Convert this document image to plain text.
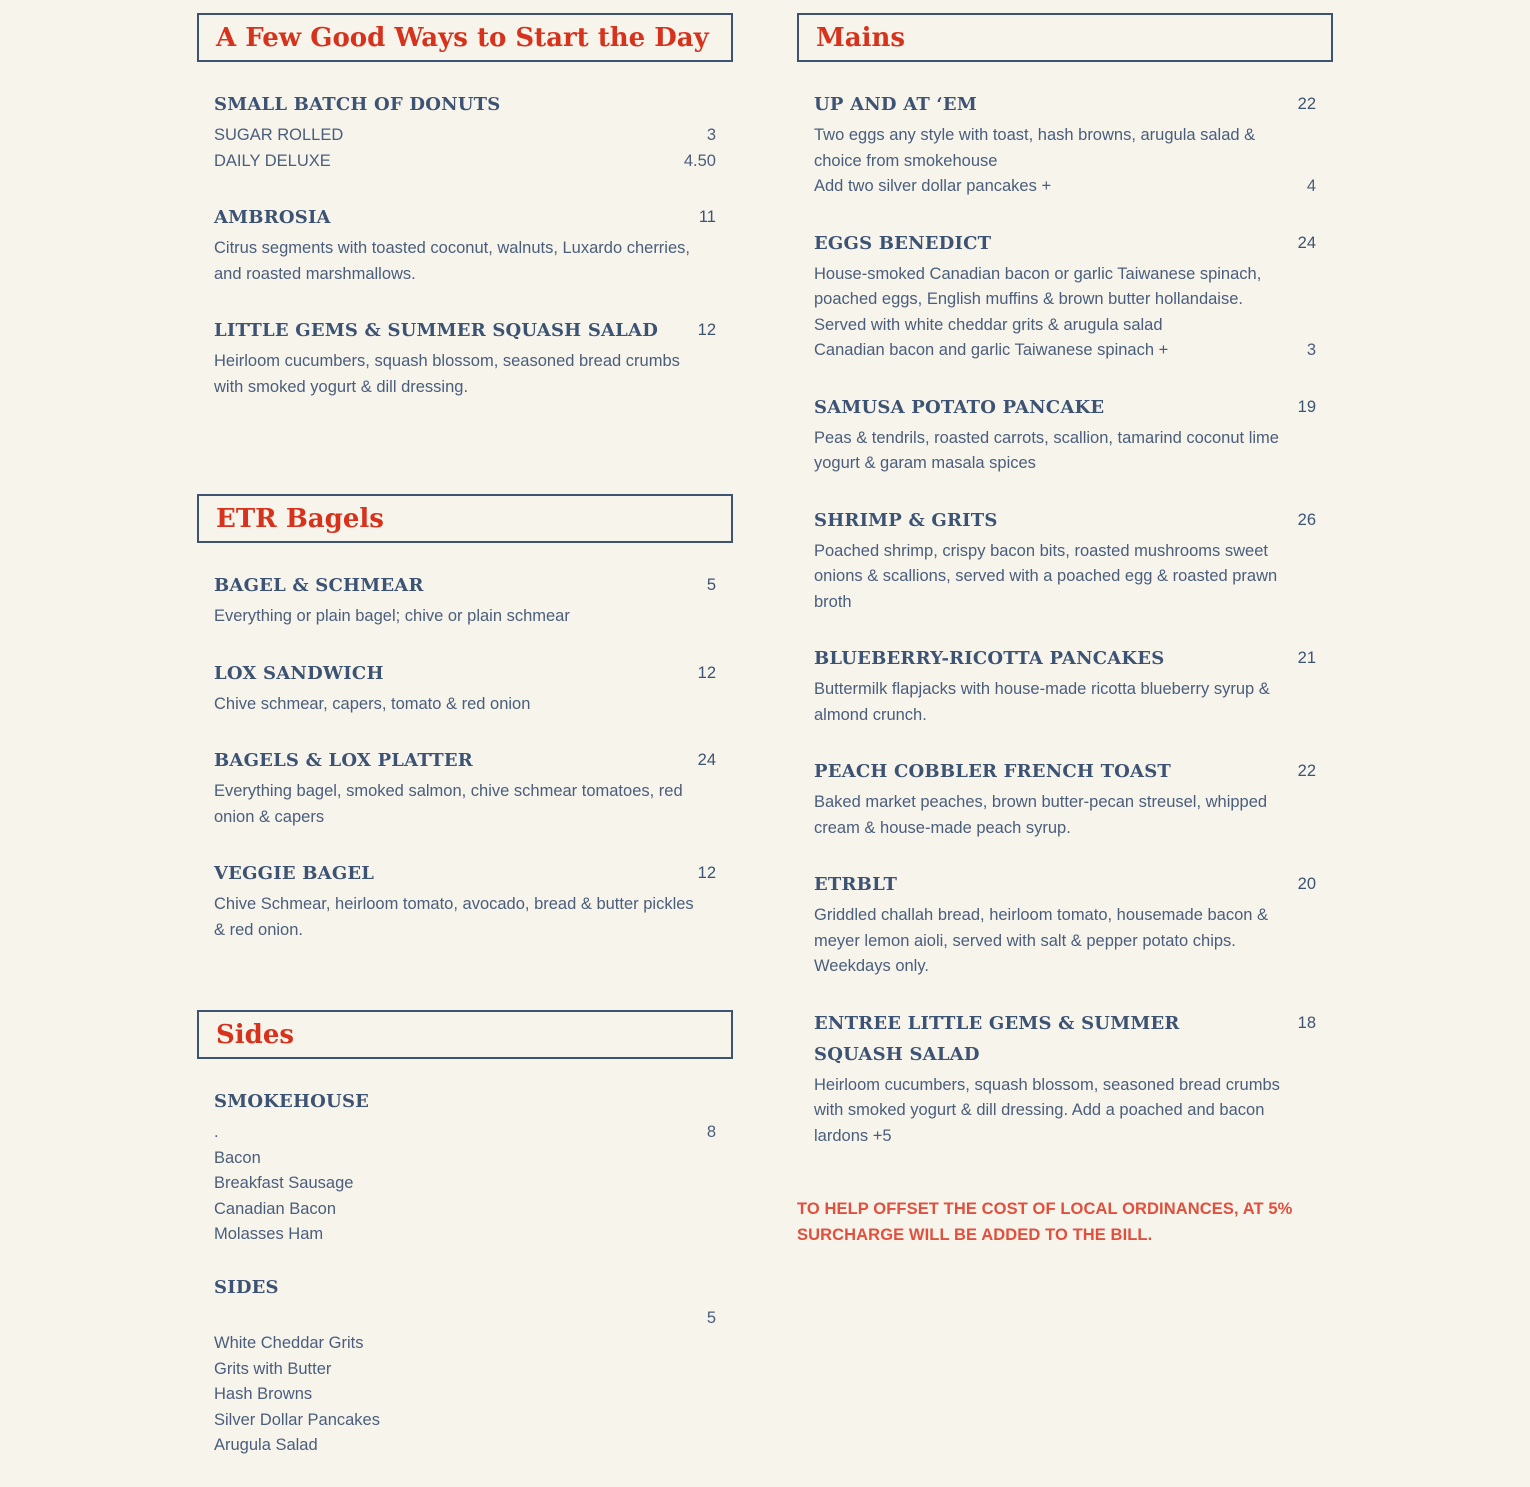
A Few Good Ways to Start the Day
SMALL BATCH OF DONUTS
SUGAR ROLLED	3
DAILY DELUXE	4.50
AMBROSIA	11

Citrus segments with toasted coconut, walnuts, Luxardo cherries, and roasted marshmallows.

LITTLE GEMS & SUMMER SQUASH SALAD	12

Heirloom cucumbers, squash blossom, seasoned bread crumbs with smoked yogurt & dill dressing.

ETR Bagels
BAGEL & SCHMEAR	5

Everything or plain bagel; chive or plain schmear

LOX SANDWICH	12

Chive schmear, capers, tomato & red onion

BAGELS & LOX PLATTER	24

Everything bagel, smoked salmon, chive schmear tomatoes, red onion & capers

VEGGIE BAGEL	12

Chive Schmear, heirloom tomato, avocado, bread & butter pickles & red onion.

Sides
SMOKEHOUSE
.	8
Bacon
Breakfast Sausage
Canadian Bacon
Molasses Ham
SIDES
5
White Cheddar Grits
Grits with Butter
Hash Browns
Silver Dollar Pancakes
Arugula Salad
Mains
UP AND AT ‘EM	22

Two eggs any style with toast, hash browns, arugula salad & choice from smokehouse

Add two silver dollar pancakes +	4
EGGS BENEDICT	24

House-smoked Canadian bacon or garlic Taiwanese spinach, poached eggs, English muffins & brown butter hollandaise. Served with white cheddar grits & arugula salad

Canadian bacon and garlic Taiwanese spinach +	3
SAMUSA POTATO PANCAKE	19

Peas & tendrils, roasted carrots, scallion, tamarind coconut lime yogurt & garam masala spices

SHRIMP & GRITS	26

Poached shrimp, crispy bacon bits, roasted mushrooms sweet onions & scallions, served with a poached egg & roasted prawn broth

BLUEBERRY-RICOTTA PANCAKES	21

Buttermilk flapjacks with house-made ricotta blueberry syrup & almond crunch.

PEACH COBBLER FRENCH TOAST	22

Baked market peaches, brown butter-pecan streusel, whipped cream & house-made peach syrup.

ETRBLT	20

Griddled challah bread, heirloom tomato, housemade bacon & meyer lemon aioli, served with salt & pepper potato chips. Weekdays only.

ENTREE LITTLE GEMS & SUMMER SQUASH SALAD
18

Heirloom cucumbers, squash blossom, seasoned bread crumbs with smoked yogurt & dill dressing. Add a poached and bacon lardons +5

TO HELP OFFSET THE COST OF LOCAL ORDINANCES, AT 5% SURCHARGE WILL BE ADDED TO THE BILL.
